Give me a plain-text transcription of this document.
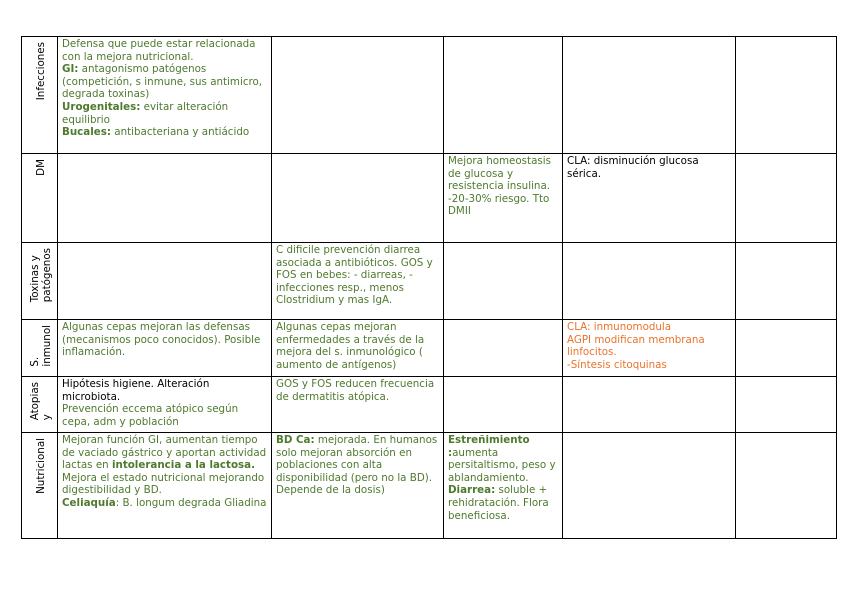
Infecciones	Defensa que puede estar relacionada con la mejora nutricional.
GI: antagonismo patógenos (competición, s inmune, sus antimicro, degrada toxinas)
Urogenitales: evitar alteración equilibrio
Bucales: antibacteriana y antiácido				

DM			Mejora homeostasis de glucosa y resistencia insulina. -20-30% riesgo. Tto DMII	CLA: disminución glucosa sérica.	

Toxinas y
patógenos		C dificile prevención diarrea asociada a antibióticos. GOS y FOS en bebes: - diarreas, - infecciones resp., menos Clostridium y mas IgA.			

S.
inmunol	Algunas cepas mejoran las defensas (mecanismos poco conocidos). Posible inflamación.	Algunas cepas mejoran enfermedades a través de la mejora del s. inmunológico ( aumento de antígenos)		CLA: inmunomodula
AGPI modifican membrana linfocitos.
-Síntesis citoquinas	

Atopias
y	Hipótesis higiene. Alteración microbiota.
Prevención eccema atópico según cepa, adm y población	GOS y FOS reducen frecuencia de dermatitis atópica.			

Nutricional	Mejoran función GI, aumentan tiempo de vaciado gástrico y aportan actividad lactas en intolerancia a la lactosa. Mejora el estado nutricional mejorando digestibilidad y BD.
Celiaquía: B. longum degrada Gliadina	BD Ca: mejorada. En humanos solo mejoran absorción en poblaciones con alta disponibilidad (pero no la BD). Depende de la dosis)	Estreñimiento :aumenta persitaltismo, peso y ablandamiento.
Diarrea: soluble + rehidratación. Flora beneficiosa.		
